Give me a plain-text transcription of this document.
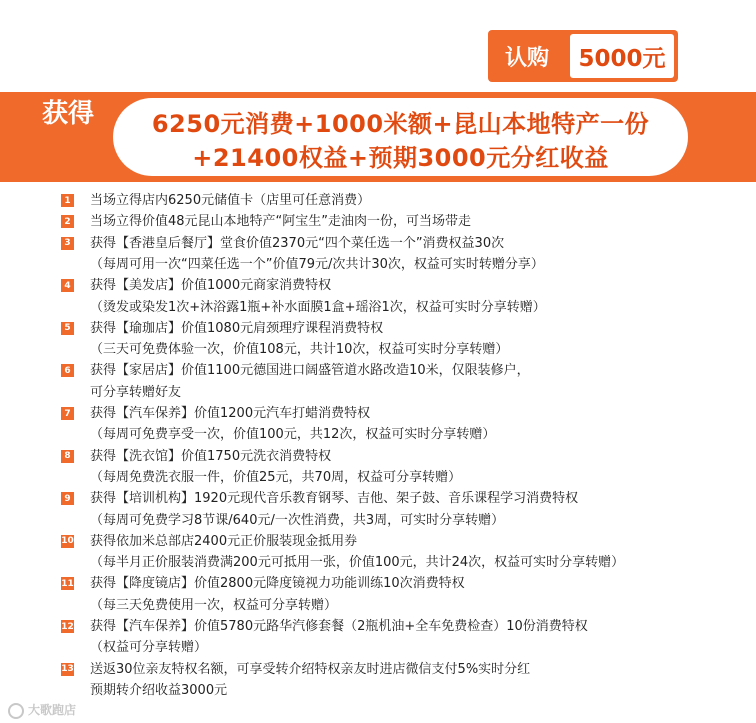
认购	5000元
获得	6250元消费+1000米额+昆山本地特产一份
+21400权益+预期3000元分红收益
1 当场立得店内6250元储值卡（店里可任意消费）
2 当场立得价值48元昆山本地特产“阿宝生”走油肉一份，可当场带走
3 获得【香港皇后餐厅】堂食价值2370元“四个菜任选一个”消费权益30次
（每周可用一次“四菜任选一个”价值79元/次共计30次，权益可实时转赠分享）
4 获得【美发店】价值1000元商家消费特权
（烫发或染发1次+沐浴露1瓶+补水面膜1盒+瑶浴1次，权益可实时分享转赠）
5 获得【瑜珈店】价值1080元肩颈理疗课程消费特权
（三天可免费体验一次，价值108元，共计10次，权益可实时分享转赠）
6 获得【家居店】价值1100元德国进口阔盛管道水路改造10米，仅限装修户，
可分享转赠好友
7 获得【汽车保养】价值1200元汽车打蜡消费特权
（每周可免费享受一次，价值100元，共12次，权益可实时分享转赠）
8 获得【洗衣馆】价值1750元洗衣消费特权
（每周免费洗衣服一件，价值25元，共70周，权益可分享转赠）
9 获得【培训机构】1920元现代音乐教育钢琴、吉他、架子鼓、音乐课程学习消费特权
（每周可免费学习8节课/640元/一次性消费，共3周，可实时分享转赠）
10 获得依加米总部店2400元正价服装现金抵用券
（每半月正价服装消费满200元可抵用一张，价值100元，共计24次，权益可实时分享转赠）
11 获得【降度镜店】价值2800元降度镜视力功能训练10次消费特权
（每三天免费使用一次，权益可分享转赠）
12 获得【汽车保养】价值5780元路华汽修套餐（2瓶机油+全车免费检查）10份消费特权
（权益可分享转赠）
13 送返30位亲友特权名额，可享受转介绍特权亲友时进店微信支付5%实时分红
预期转介绍收益3000元
大歌跑店
